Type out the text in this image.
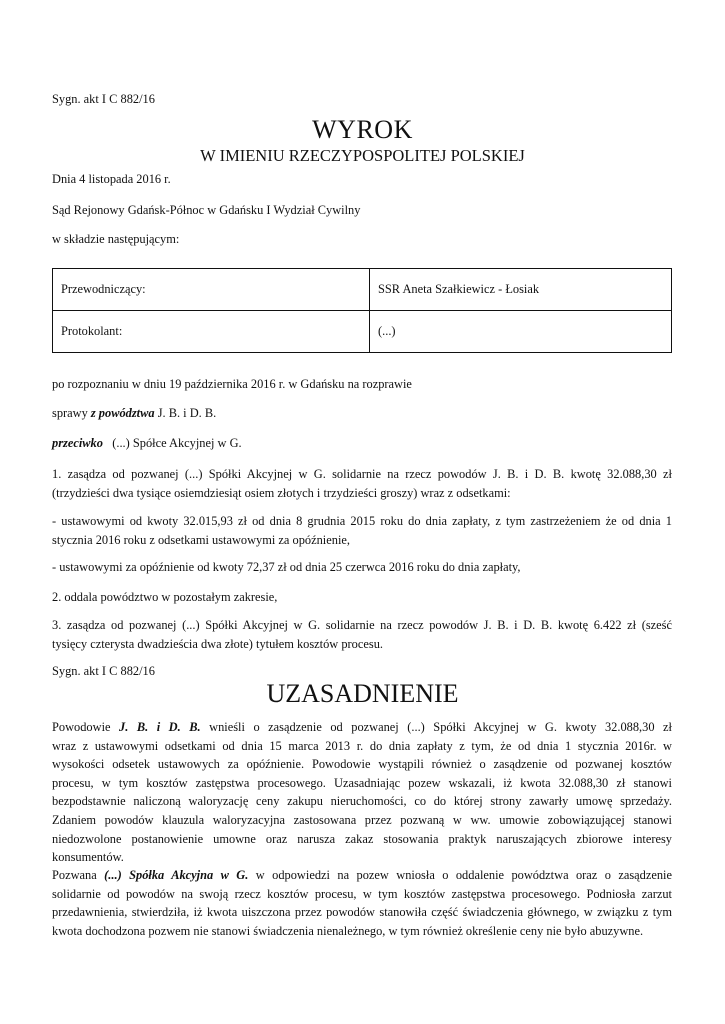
Sygn. akt I C 882/16
WYROK
W IMIENIU RZECZYPOSPOLITEJ POLSKIEJ
Dnia 4 listopada 2016 r.
Sąd Rejonowy Gdańsk-Północ w Gdańsku I Wydział Cywilny
w składzie następującym:
Przewodniczący:	SSR Aneta Szałkiewicz - Łosiak
Protokolant:	(...)
po rozpoznaniu w dniu 19 października 2016 r. w Gdańsku na rozprawie
sprawy z powództwa J. B. i D. B.
przeciwko   (...) Spółce Akcyjnej w G.
1. zasądza od pozwanej (...) Spółki Akcyjnej w G. solidarnie na rzecz powodów J. B. i D. B. kwotę 32.088,30 zł
(trzydzieści dwa tysiące osiemdziesiąt osiem złotych i trzydzieści groszy) wraz z odsetkami:
- ustawowymi od kwoty 32.015,93 zł od dnia 8 grudnia 2015 roku do dnia zapłaty, z tym zastrzeżeniem że od dnia 1
stycznia 2016 roku z odsetkami ustawowymi za opóźnienie,
- ustawowymi za opóźnienie od kwoty 72,37 zł od dnia 25 czerwca 2016 roku do dnia zapłaty,
2. oddala powództwo w pozostałym zakresie,
3. zasądza od pozwanej (...) Spółki Akcyjnej w G. solidarnie na rzecz powodów J. B. i D. B. kwotę 6.422 zł (sześć
tysięcy czterysta dwadzieścia dwa złote) tytułem kosztów procesu.
Sygn. akt I C 882/16
UZASADNIENIE
Powodowie J. B. i D. B. wnieśli o zasądzenie od pozwanej (...) Spółki Akcyjnej w G. kwoty 32.088,30 zł
wraz z ustawowymi odsetkami od dnia 15 marca 2013 r. do dnia zapłaty z tym, że od dnia 1 stycznia 2016r. w
wysokości odsetek ustawowych za opóźnienie. Powodowie wystąpili również o zasądzenie od pozwanej kosztów
procesu, w tym kosztów zastępstwa procesowego. Uzasadniając pozew wskazali, iż kwota 32.088,30 zł stanowi
bezpodstawnie naliczoną waloryzację ceny zakupu nieruchomości, co do której strony zawarły umowę sprzedaży.
Zdaniem powodów klauzula waloryzacyjna zastosowana przez pozwaną w ww. umowie zobowiązującej stanowi
niedozwolone postanowienie umowne oraz narusza zakaz stosowania praktyk naruszających zbiorowe interesy
konsumentów.
Pozwana (...) Spółka Akcyjna w G. w odpowiedzi na pozew wniosła o oddalenie powództwa oraz o zasądzenie
solidarnie od powodów na swoją rzecz kosztów procesu, w tym kosztów zastępstwa procesowego. Podniosła zarzut
przedawnienia, stwierdziła, iż kwota uiszczona przez powodów stanowiła część świadczenia głównego, w związku z tym
kwota dochodzona pozwem nie stanowi świadczenia nienależnego, w tym również określenie ceny nie było abuzywne.
